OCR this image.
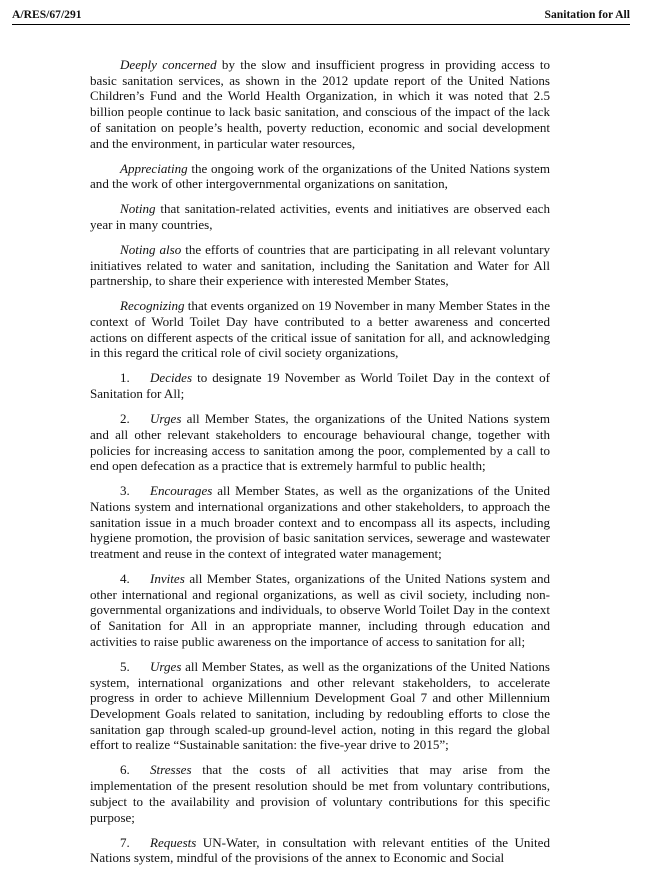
A/RES/67/291	Sanitation for All

Deeply concerned by the slow and insufficient progress in providing access to basic sanitation services, as shown in the 2012 update report of the United Nations Children’s Fund and the World Health Organization, in which it was noted that 2.5 billion people continue to lack basic sanitation, and conscious of the impact of the lack of sanitation on people’s health, poverty reduction, economic and social development and the environment, in particular water resources,

Appreciating the ongoing work of the organizations of the United Nations system and the work of other intergovernmental organizations on sanitation,

Noting that sanitation-related activities, events and initiatives are observed each year in many countries,

Noting also the efforts of countries that are participating in all relevant voluntary initiatives related to water and sanitation, including the Sanitation and Water for All partnership, to share their experience with interested Member States,

Recognizing that events organized on 19 November in many Member States in the context of World Toilet Day have contributed to a better awareness and concerted actions on different aspects of the critical issue of sanitation for all, and acknowledging in this regard the critical role of civil society organizations,

1. Decides to designate 19 November as World Toilet Day in the context of Sanitation for All;

2. Urges all Member States, the organizations of the United Nations system and all other relevant stakeholders to encourage behavioural change, together with policies for increasing access to sanitation among the poor, complemented by a call to end open defecation as a practice that is extremely harmful to public health;

3. Encourages all Member States, as well as the organizations of the United Nations system and international organizations and other stakeholders, to approach the sanitation issue in a much broader context and to encompass all its aspects, including hygiene promotion, the provision of basic sanitation services, sewerage and wastewater treatment and reuse in the context of integrated water management;

4. Invites all Member States, organizations of the United Nations system and other international and regional organizations, as well as civil society, including non-governmental organizations and individuals, to observe World Toilet Day in the context of Sanitation for All in an appropriate manner, including through education and activities to raise public awareness on the importance of access to sanitation for all;

5. Urges all Member States, as well as the organizations of the United Nations system, international organizations and other relevant stakeholders, to accelerate progress in order to achieve Millennium Development Goal 7 and other Millennium Development Goals related to sanitation, including by redoubling efforts to close the sanitation gap through scaled-up ground-level action, noting in this regard the global effort to realize “Sustainable sanitation: the five-year drive to 2015”;

6. Stresses that the costs of all activities that may arise from the implementation of the present resolution should be met from voluntary contributions, subject to the availability and provision of voluntary contributions for this specific purpose;

7. Requests UN-Water, in consultation with relevant entities of the United Nations system, mindful of the provisions of the annex to Economic and Social
